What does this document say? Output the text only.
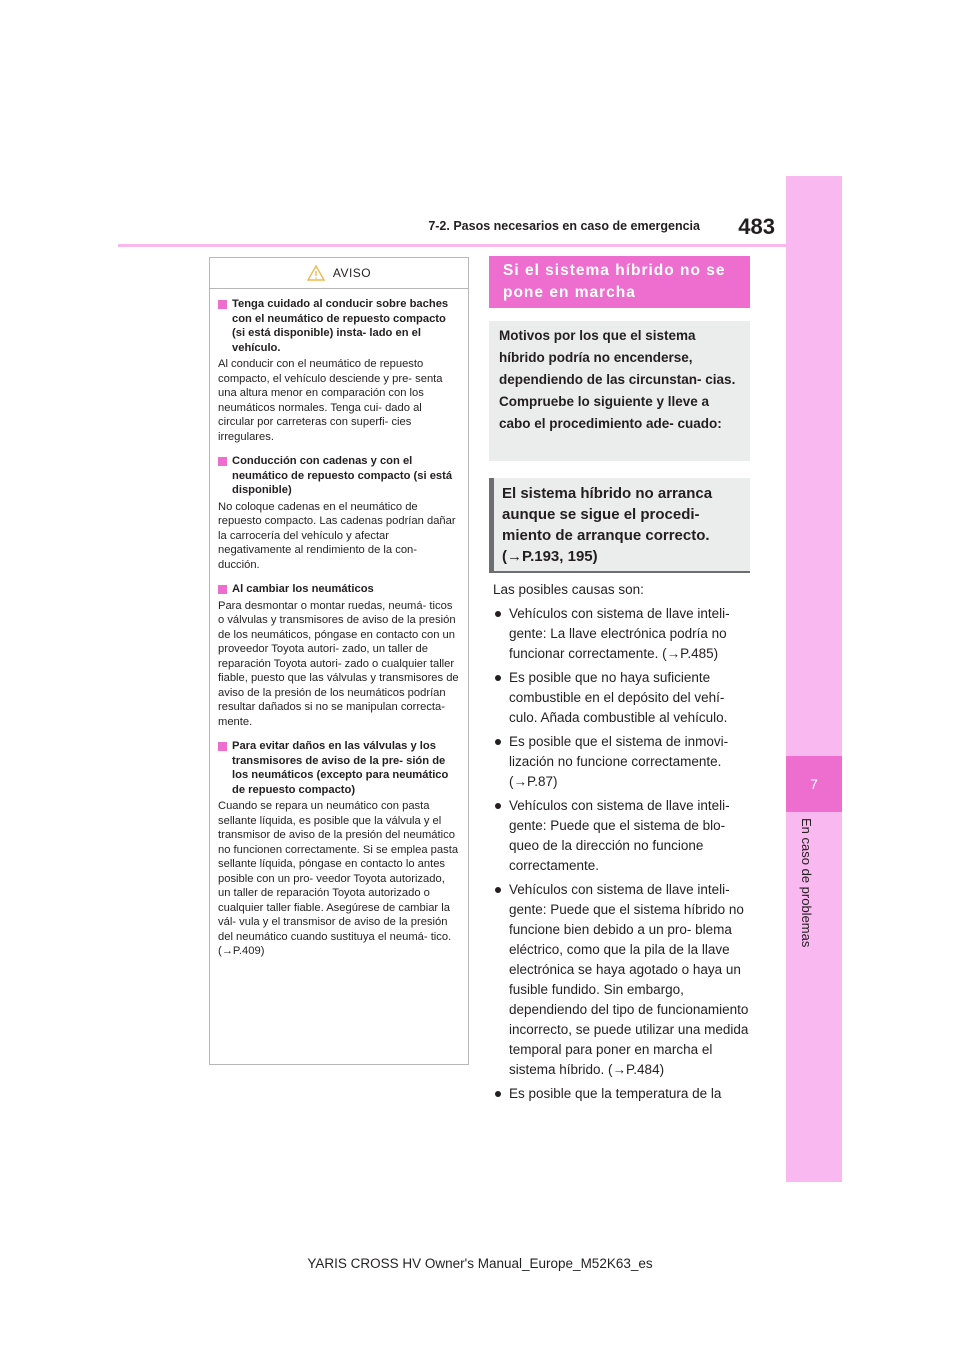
7
En caso de problemas
7-2. Pasos necesarios en caso de emergencia	483
AVISO
Tenga cuidado al conducir sobre baches con el neumático de repuesto compacto (si está disponible) insta- lado en el vehículo.
Al conducir con el neumático de repuesto compacto, el vehículo desciende y pre- senta una altura menor en comparación con los neumáticos normales. Tenga cui- dado al circular por carreteras con superfi- cies irregulares.
Conducción con cadenas y con el neumático de repuesto compacto (si está disponible)
No coloque cadenas en el neumático de repuesto compacto. Las cadenas podrían dañar la carrocería del vehículo y afectar negativamente al rendimiento de la con- ducción.
Al cambiar los neumáticos
Para desmontar o montar ruedas, neumá- ticos o válvulas y transmisores de aviso de la presión de los neumáticos, póngase en contacto con un proveedor Toyota autori- zado, un taller de reparación Toyota autori- zado o cualquier taller fiable, puesto que las válvulas y transmisores de aviso de la presión de los neumáticos podrían resultar dañados si no se manipulan correcta- mente.
Para evitar daños en las válvulas y los transmisores de aviso de la pre- sión de los neumáticos (excepto para neumático de repuesto compacto)
Cuando se repara un neumático con pasta sellante líquida, es posible que la válvula y el transmisor de aviso de la presión del neumático no funcionen correctamente. Si se emplea pasta sellante líquida, póngase en contacto lo antes posible con un pro- veedor Toyota autorizado, un taller de reparación Toyota autorizado o cualquier taller fiable. Asegúrese de cambiar la vál- vula y el transmisor de aviso de la presión del neumático cuando sustituya el neumá- tico. (→P.409)
Si el sistema híbrido no se pone en marcha
Motivos por los que el sistema híbrido podría no encenderse, dependiendo de las circunstan- cias. Compruebe lo siguiente y lleve a cabo el procedimiento ade- cuado:
El sistema híbrido no arranca aunque se sigue el procedi- miento de arranque correcto. (→P.193, 195)
Las posibles causas son:
Vehículos con sistema de llave inteli- gente: La llave electrónica podría no funcionar correctamente. (→P.485)
Es posible que no haya suficiente combustible en el depósito del vehí- culo. Añada combustible al vehículo.
Es posible que el sistema de inmovi- lización no funcione correctamente. (→P.87)
Vehículos con sistema de llave inteli- gente: Puede que el sistema de blo- queo de la dirección no funcione correctamente.
Vehículos con sistema de llave inteli- gente: Puede que el sistema híbrido no funcione bien debido a un pro- blema eléctrico, como que la pila de la llave electrónica se haya agotado o haya un fusible fundido. Sin embargo, dependiendo del tipo de funcionamiento incorrecto, se puede utilizar una medida temporal para poner en marcha el sistema híbrido. (→P.484)
Es posible que la temperatura de la
YARIS CROSS HV Owner's Manual_Europe_M52K63_es
